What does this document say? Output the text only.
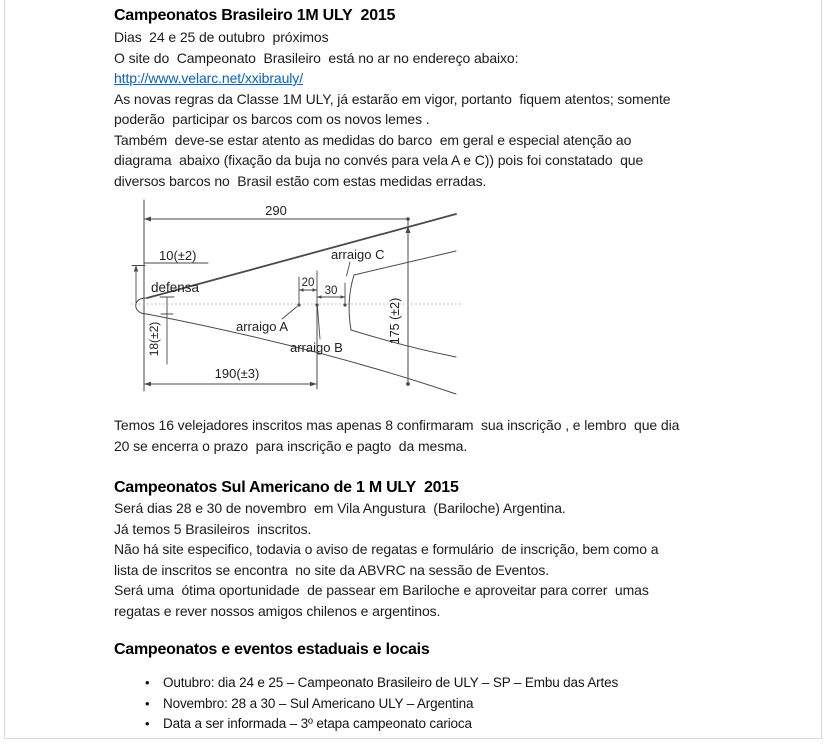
Campeonatos Brasileiro 1M ULY  2015
Dias  24 e 25 de outubro  próximos
O site do  Campeonato  Brasileiro  está no ar no endereço abaixo:
http://www.velarc.net/xxibrauly/
As novas regras da Classe 1M ULY, já estarão em vigor, portanto  fiquem atentos; somente
poderão  participar os barcos com os novos lemes .
Também  deve-se estar atento as medidas do barco  em geral e especial atenção ao
diagrama  abaixo (fixação da buja no convés para vela A e C)) pois foi constatado  que
diversos barcos no  Brasil estão com estas medidas erradas.
290
10(±2)
defensa
arraigo C
20
30
arraigo A
arraigo B
175 (±2)
18(±2)
190(±3)
Temos 16 velejadores inscritos mas apenas 8 confirmaram  sua inscrição , e lembro  que dia
20 se encerra o prazo  para inscrição e pagto  da mesma.
Campeonatos Sul Americano de 1 M ULY  2015
Será dias 28 e 30 de novembro  em Vila Angustura  (Bariloche) Argentina.
Já temos 5 Brasileiros  inscritos.
Não há site especifico, todavia o aviso de regatas e formulário  de inscrição, bem como a
lista de inscritos se encontra  no site da ABVRC na sessão de Eventos.
Será uma  ótima oportunidade  de passear em Bariloche e aproveitar para correr  umas
regatas e rever nossos amigos chilenos e argentinos.
Campeonatos e eventos estaduais e locais
• Outubro: dia 24 e 25 – Campeonato Brasileiro de ULY – SP – Embu das Artes
• Novembro: 28 a 30 – Sul Americano ULY – Argentina
• Data a ser informada – 3º etapa campeonato carioca
